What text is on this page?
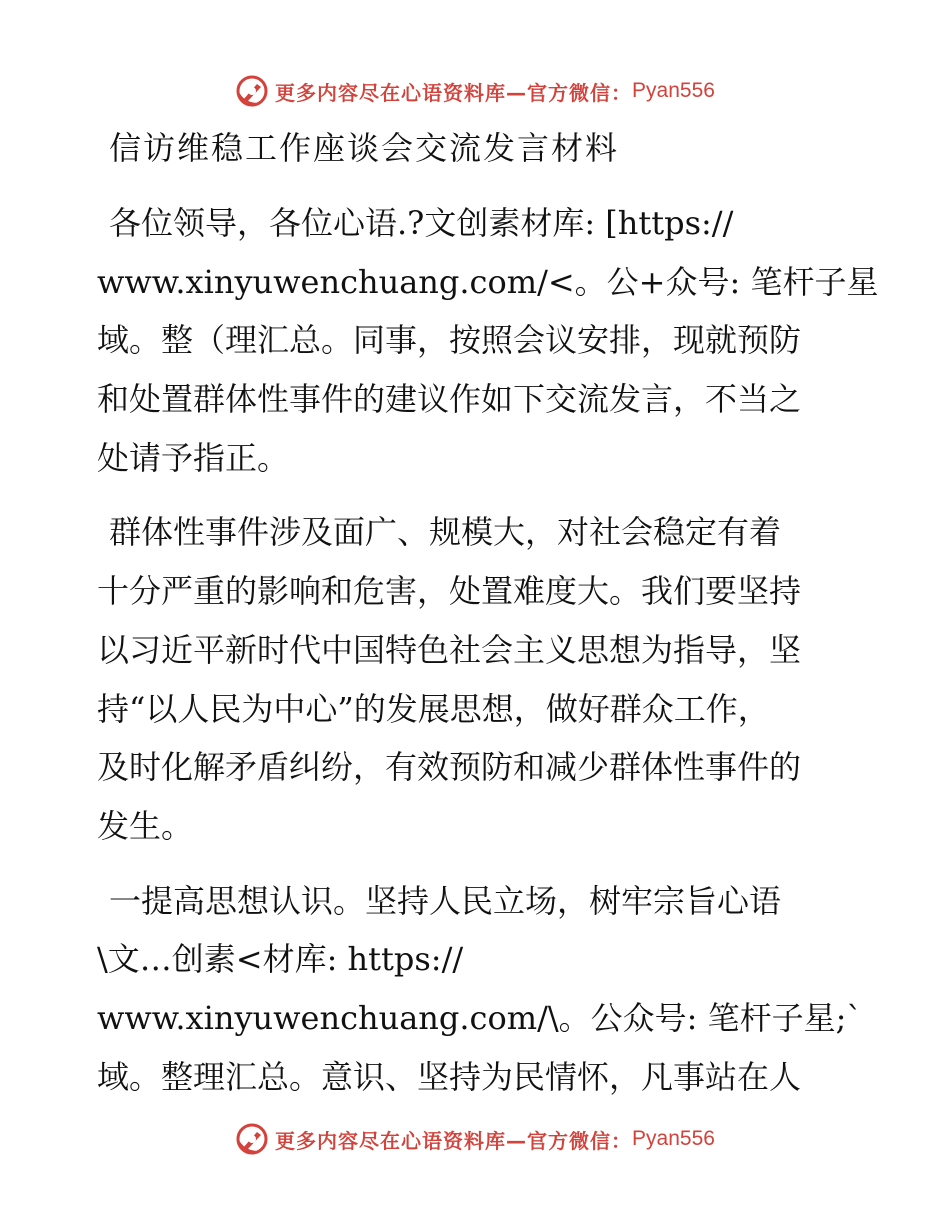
更多内容尽在心语资料库—官方微信： Pyan556
信访维稳工作座谈会交流发言材料

各位领导，各位心语.?文创素材库: [https://
www.xinyuwenchuang.com/<。公+众号: 笔杆子星
域。整（理汇总。同事，按照会议安排，现就预防
和处置群体性事件的建议作如下交流发言，不当之
处请予指正。

群体性事件涉及面广、规模大，对社会稳定有着
十分严重的影响和危害，处置难度大。我们要坚持
以习近平新时代中国特色社会主义思想为指导，坚
持“以人民为中心”的发展思想，做好群众工作，
及时化解矛盾纠纷，有效预防和减少群体性事件的
发生。

一提高思想认识。坚持人民立场，树牢宗旨心语
\文…创素<材库: https://
www.xinyuwenchuang.com/\。公众号: 笔杆子星;`
域。整理汇总。意识、坚持为民情怀，凡事站在人

更多内容尽在心语资料库—官方微信： Pyan556
